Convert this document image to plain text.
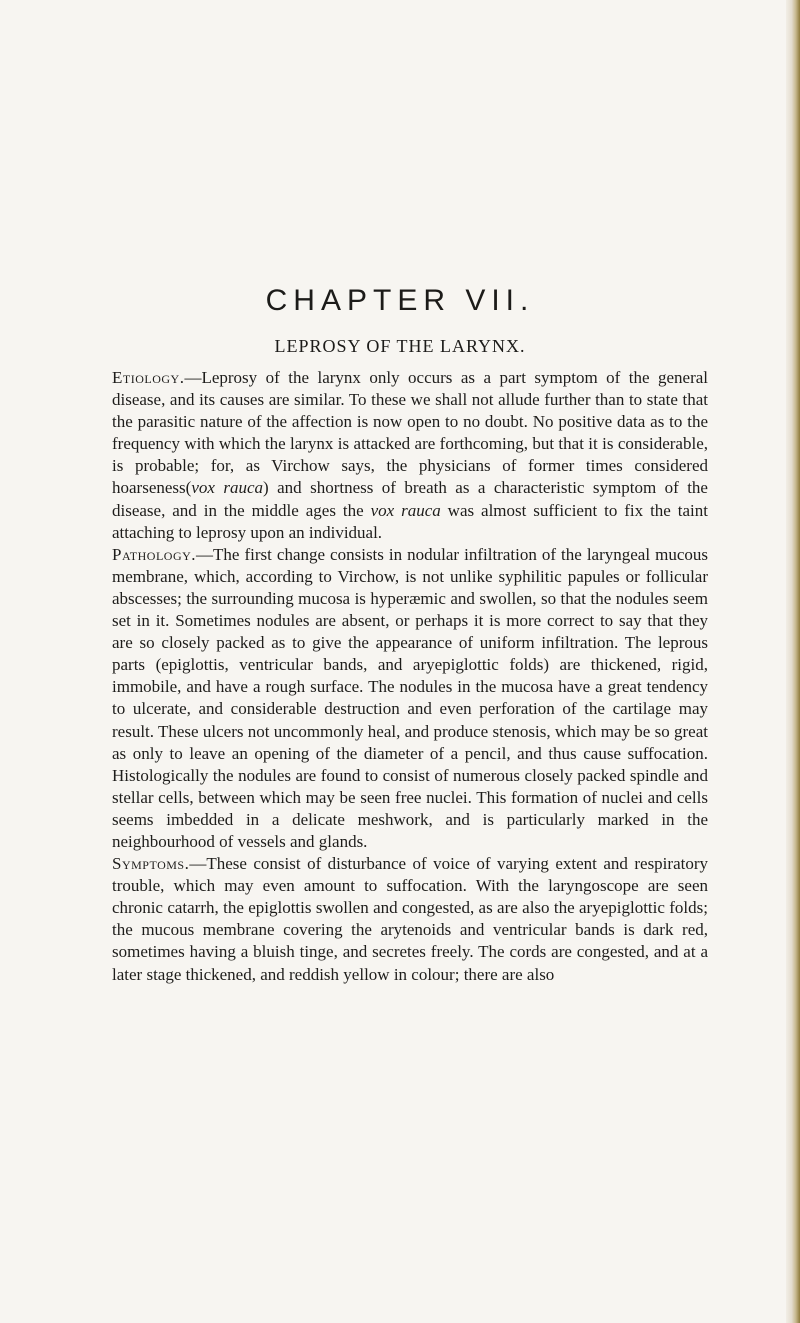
CHAPTER VII.
LEPROSY OF THE LARYNX.

Etiology.—Leprosy of the larynx only occurs as a part symptom of the general disease, and its causes are similar. To these we shall not allude further than to state that the parasitic nature of the affection is now open to no doubt. No positive data as to the frequency with which the larynx is attacked are forthcoming, but that it is considerable, is probable; for, as Virchow says, the physicians of former times considered hoarseness(vox rauca) and shortness of breath as a characteristic symptom of the disease, and in the middle ages the vox rauca was almost sufficient to fix the taint attaching to leprosy upon an individual.

Pathology.—The first change consists in nodular infiltration of the laryngeal mucous membrane, which, according to Virchow, is not unlike syphilitic papules or follicular abscesses; the surrounding mucosa is hyperæmic and swollen, so that the nodules seem set in it. Sometimes nodules are absent, or perhaps it is more correct to say that they are so closely packed as to give the appearance of uniform infiltration. The leprous parts (epiglottis, ventricular bands, and aryepiglottic folds) are thickened, rigid, immobile, and have a rough surface. The nodules in the mucosa have a great tendency to ulcerate, and considerable destruction and even perforation of the cartilage may result. These ulcers not uncommonly heal, and produce stenosis, which may be so great as only to leave an opening of the diameter of a pencil, and thus cause suffocation. Histologically the nodules are found to consist of numerous closely packed spindle and stellar cells, between which may be seen free nuclei. This formation of nuclei and cells seems imbedded in a delicate meshwork, and is particularly marked in the neighbourhood of vessels and glands.

Symptoms.—These consist of disturbance of voice of varying extent and respiratory trouble, which may even amount to suffocation. With the laryngoscope are seen chronic catarrh, the epiglottis swollen and congested, as are also the aryepiglottic folds; the mucous membrane covering the arytenoids and ventricular bands is dark red, sometimes having a bluish tinge, and secretes freely. The cords are congested, and at a later stage thickened, and reddish yellow in colour; there are also
